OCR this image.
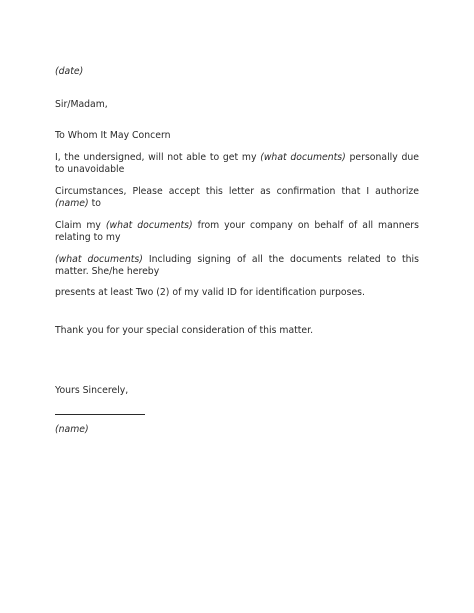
(date)
Sir/Madam,
To Whom It May Concern
I, the undersigned, will not able to get my (what documents) personally due
to unavoidable
Circumstances, Please accept this letter as confirmation that I authorize
(name) to
Claim my (what documents) from your company on behalf of all manners
relating to my
(what documents) Including signing of all the documents related to this
matter. She/he hereby
presents at least Two (2) of my valid ID for identification purposes.
Thank you for your special consideration of this matter.
Yours Sincerely,
(name)
